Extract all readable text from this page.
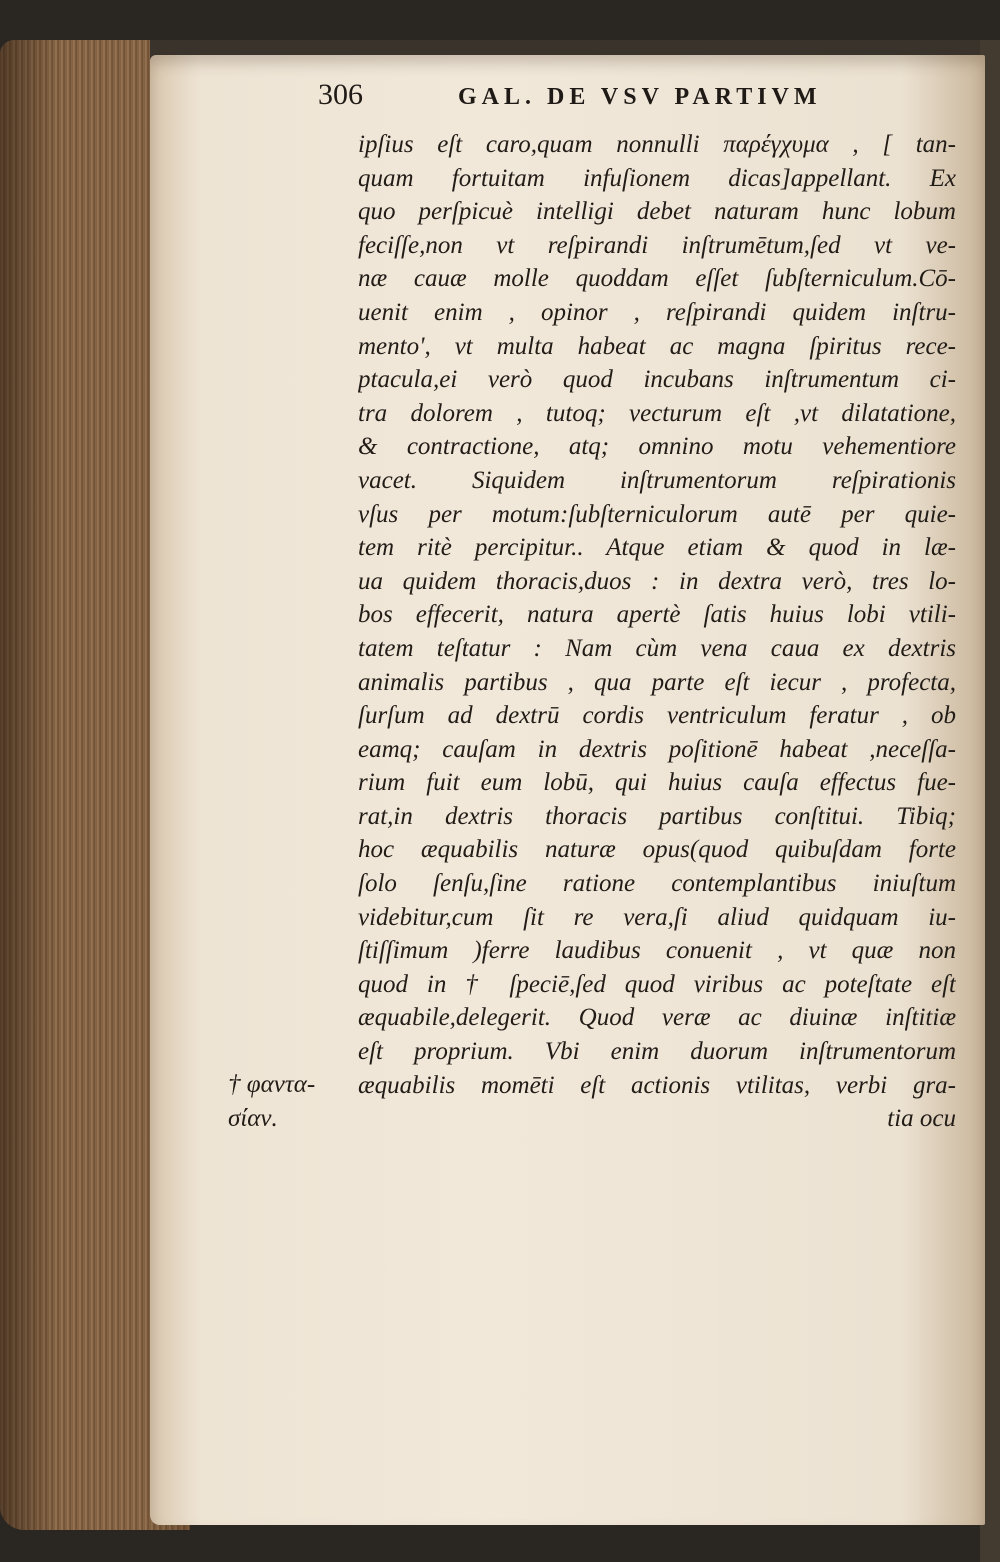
306	GAL. DE VSV PARTIVM
ipſius eſt caro,quam nonnulli παρέγχυμα , [ tan-
quam fortuitam infuſionem dicas]appellant. Ex
quo perſpicuè intelligi debet naturam hunc lobum
feciſſe,non vt reſpirandi inſtrumētum,ſed vt ve-
næ cauæ molle quoddam eſſet ſubſterniculum.Cō-
uenit enim , opinor , reſpirandi quidem inſtru-
mento', vt multa habeat ac magna ſpiritus rece-
ptacula,ei verò quod incubans inſtrumentum ci-
tra dolorem , tutoq; vecturum eſt ,vt dilatatione,
& contractione, atq; omnino motu vehementiore
vacet. Siquidem inſtrumentorum reſpirationis
vſus per motum:ſubſterniculorum autē per quie-
tem ritè percipitur.. Atque etiam & quod in læ-
ua quidem thoracis,duos : in dextra verò, tres lo-
bos effecerit, natura apertè ſatis huius lobi vtili-
tatem teſtatur : Nam cùm vena caua ex dextris
animalis partibus , qua parte eſt iecur , profecta,
ſurſum ad dextrū cordis ventriculum feratur , ob
eamq; cauſam in dextris poſitionē habeat ,neceſſa-
rium fuit eum lobū, qui huius cauſa effectus fue-
rat,in dextris thoracis partibus conſtitui. Tibiq;
hoc æquabilis naturæ opus(quod quibuſdam forte
ſolo ſenſu,ſine ratione contemplantibus iniuſtum
videbitur,cum ſit re vera,ſi aliud quidquam iu-
ſtiſſimum )ferre laudibus conuenit , vt quæ non
quod in † ſpeciē,ſed quod viribus ac poteſtate eſt
æquabile,delegerit. Quod veræ ac diuinæ inſtitiæ
eſt proprium. Vbi enim duorum inſtrumentorum
æquabilis momēti eſt actionis vtilitas, verbi gra-
tia ocu
† φαντα-
σίαν.
